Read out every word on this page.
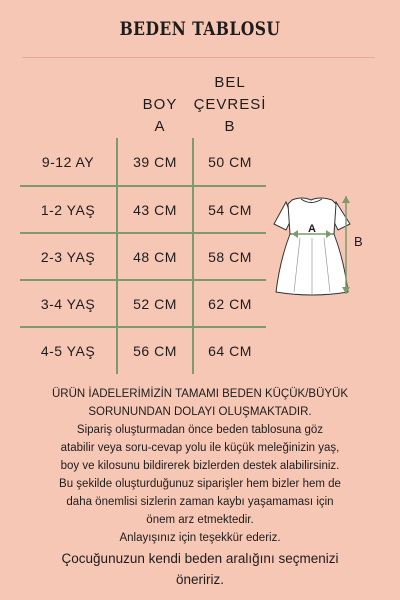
BEDEN TABLOSU
BOY
A
BEL
ÇEVRESİ
B
9-12 AY	39 CM	50 CM
1-2 YAŞ	43 CM	54 CM
2-3 YAŞ	48 CM	58 CM
3-4 YAŞ	52 CM	62 CM
4-5 YAŞ	56 CM	64 CM
A
B

ÜRÜN İADELERİMİZİN TAMAMI BEDEN KÜÇÜK/BÜYÜK

SORUNUNDAN DOLAYI OLUŞMAKTADIR.

Sipariş oluşturmadan önce beden tablosuna göz

atabilir veya soru-cevap yolu ile küçük meleğinizin yaş,

boy ve kilosunu bildirerek bizlerden destek alabilirsiniz.

Bu şekilde oluşturduğunuz siparişler hem bizler hem de

daha önemlisi sizlerin zaman kaybı yaşamaması için

önem arz etmektedir.

Anlayışınız için teşekkür ederiz.

Çocuğunuzun kendi beden aralığını seçmenizi

öneririz.
